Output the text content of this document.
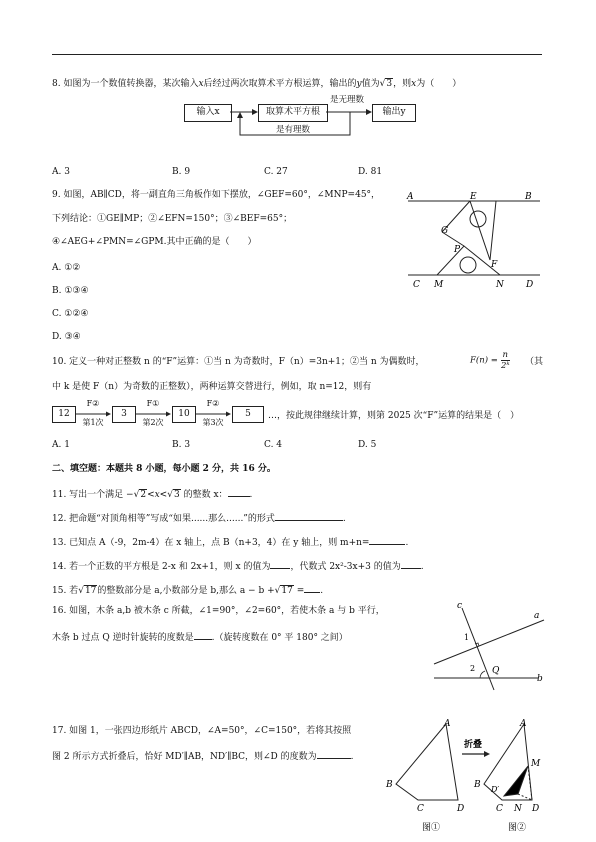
8. 如图为一个数值转换器，某次输入x后经过两次取算术平方根运算，输出的y值为√3，则x为（　　）
输入x	取算术平方根	输出y
是无理数
是有理数
A. 3	B. 9	C. 27	D. 81
9. 如图，AB∥CD，将一副直角三角板作如下摆放，∠GEF=60°，∠MNP=45°，
下列结论：①GE∥MP；②∠EFN=150°；③∠BEF=65°；
④∠AEG+∠PMN=∠GPM.其中正确的是（　　）
A. ①②
B. ①③④
C. ①②④
D. ③④
A	B
E
G
P
F
C M	N D
10. 定义一种对正整数 n 的“F”运算：①当 n 为奇数时，F（n）=3n+1；②当 n 为偶数时，	$F(n) = \frac{n}{\text{2ᵏ}}$ （其
中 k 是使 F（n）为奇数的正整数），两种运算交替进行，例如，取 n=12，则有
12
F②
第1次
3
F①
第2次
10
F②
第3次
5	…，按此规律继续计算，则第 2025 次“F”运算的结果是（　）
A. 1	B. 3	C. 4	D. 5
二、填空题：本题共 8 小题，每小题 2 分，共 16 分。
11. 写出一个满足 −√2<x<√3 的整数 x： .
12. 把命题“对顶角相等”写成“如果......那么......”的形式	.
13. 已知点 A（-9，2m-4）在 x 轴上，点 B（n+3，4）在 y 轴上，则 m+n=	.
14. 若一个正数的平方根是 2-x 和 2x+1，则 x 的值为 ，代数式 2x²-3x+3 的值为 .
15. 若√17的整数部分是 a,小数部分是 b,那么 a − b +√17 = .
16. 如图，木条 a,b 被木条 c 所截，∠1=90°，∠2=60°，若使木条 a 与 b 平行，
木条 b 过点 Q 逆时针旋转的度数是 .（旋转度数在 0° 平 180° 之间）
c
a
b
1
2 Q
17. 如图 1，一张四边形纸片 ABCD，∠A=50°，∠C=150°，若将其按照
图 2 所示方式折叠后，恰好 MD′∥AB，ND′∥BC，则∠D 的度数为	.
A
B
C	D
图①
折叠
A
B
M
D′
C N D
图②
